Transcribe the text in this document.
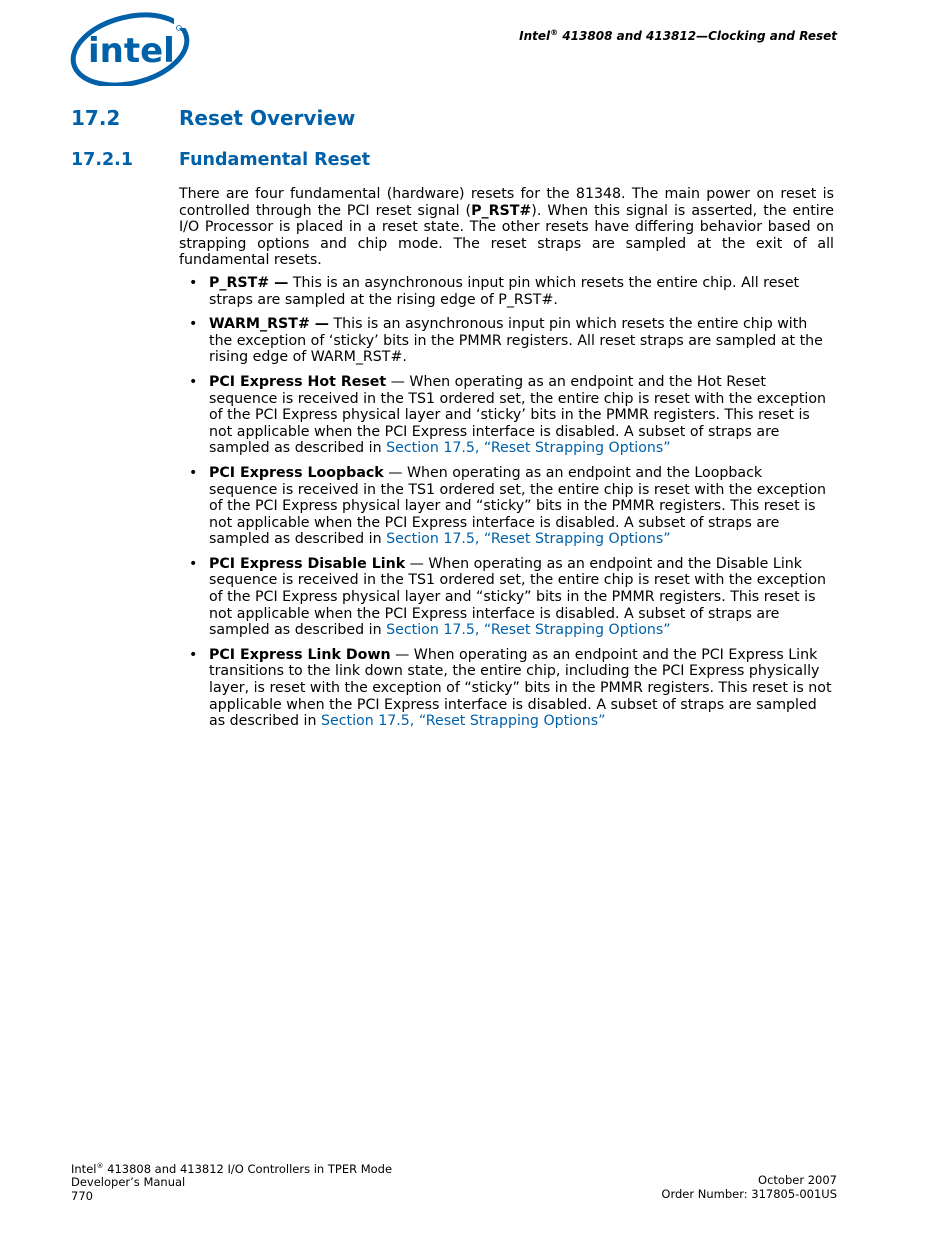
intel	Intel® 413808 and 413812—Clocking and Reset
17.2	Reset Overview
17.2.1	Fundamental Reset

There are four fundamental (hardware) resets for the 81348. The main power on reset is controlled through the PCI reset signal (P_RST#). When this signal is asserted, the entire I/O Processor is placed in a reset state. The other resets have differing behavior based on strapping options and chip mode. The reset straps are sampled at the exit of all fundamental resets.

• P_RST# — This is an asynchronous input pin which resets the entire chip. All reset straps are sampled at the rising edge of P_RST#.
• WARM_RST# — This is an asynchronous input pin which resets the entire chip with the exception of ‘sticky’ bits in the PMMR registers. All reset straps are sampled at the rising edge of WARM_RST#.
• PCI Express Hot Reset — When operating as an endpoint and the Hot Reset sequence is received in the TS1 ordered set, the entire chip is reset with the exception of the PCI Express physical layer and ‘sticky’ bits in the PMMR registers. This reset is not applicable when the PCI Express interface is disabled. A subset of straps are sampled as described in Section 17.5, “Reset Strapping Options”
• PCI Express Loopback — When operating as an endpoint and the Loopback sequence is received in the TS1 ordered set, the entire chip is reset with the exception of the PCI Express physical layer and “sticky” bits in the PMMR registers. This reset is not applicable when the PCI Express interface is disabled. A subset of straps are sampled as described in Section 17.5, “Reset Strapping Options”
• PCI Express Disable Link — When operating as an endpoint and the Disable Link sequence is received in the TS1 ordered set, the entire chip is reset with the exception of the PCI Express physical layer and “sticky” bits in the PMMR registers. This reset is not applicable when the PCI Express interface is disabled. A subset of straps are sampled as described in Section 17.5, “Reset Strapping Options”
• PCI Express Link Down — When operating as an endpoint and the PCI Express Link transitions to the link down state, the entire chip, including the PCI Express physically layer, is reset with the exception of “sticky” bits in the PMMR registers. This reset is not applicable when the PCI Express interface is disabled. A subset of straps are sampled as described in Section 17.5, “Reset Strapping Options”
Intel® 413808 and 413812 I/O Controllers in TPER Mode
Developer’s Manual
770
October 2007
Order Number: 317805-001US
